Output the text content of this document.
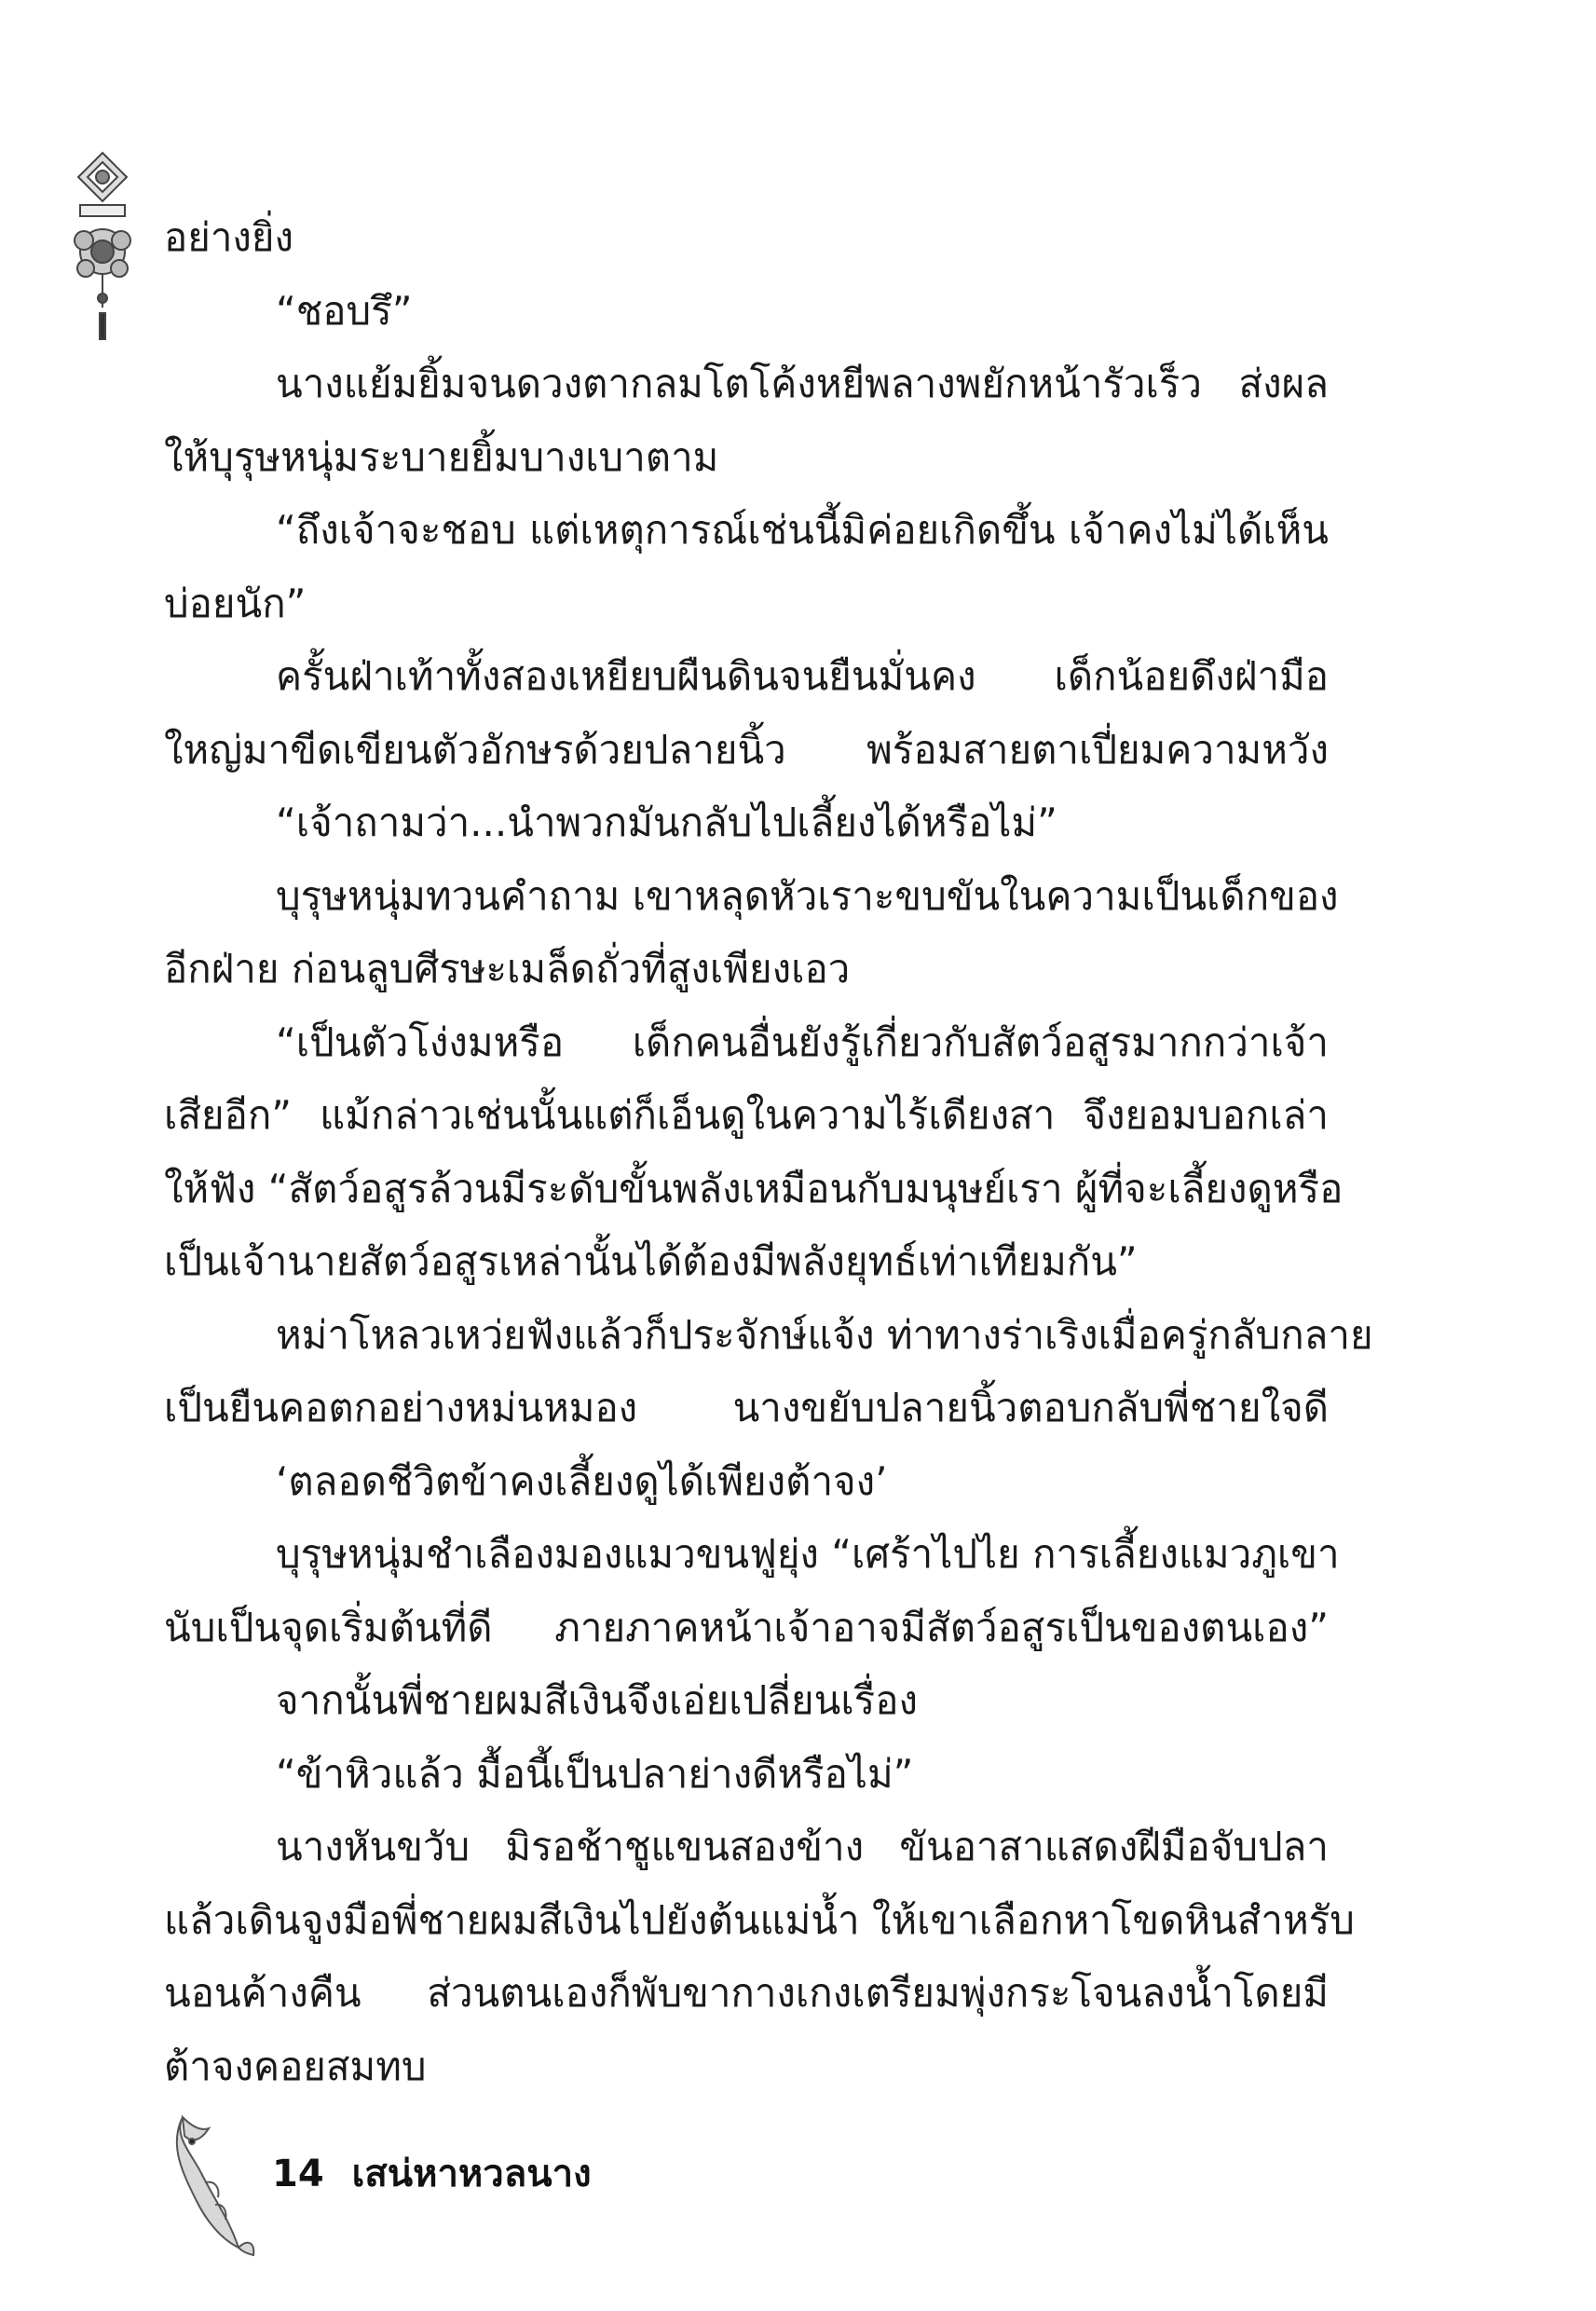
อย่างยิ่ง
“ชอบรึ”
นางแย้มยิ้มจนดวงตากลมโตโค้งหยีพลางพยักหน้ารัวเร็ว ส่งผล
ให้บุรุษหนุ่มระบายยิ้มบางเบาตาม
“ถึงเจ้าจะชอบ แต่เหตุการณ์เช่นนี้มิค่อยเกิดขึ้น เจ้าคงไม่ได้เห็น
บ่อยนัก”
ครั้นฝ่าเท้าทั้งสองเหยียบผืนดินจนยืนมั่นคง เด็กน้อยดึงฝ่ามือ
ใหญ่มาขีดเขียนตัวอักษรด้วยปลายนิ้ว พร้อมสายตาเปี่ยมความหวัง
“เจ้าถามว่า...นำพวกมันกลับไปเลี้ยงได้หรือไม่”
บุรุษหนุ่มทวนคำถาม เขาหลุดหัวเราะขบขันในความเป็นเด็กของ
อีกฝ่าย ก่อนลูบศีรษะเมล็ดถั่วที่สูงเพียงเอว
“เป็นตัวโง่งมหรือ เด็กคนอื่นยังรู้เกี่ยวกับสัตว์อสูรมากกว่าเจ้า
เสียอีก” แม้กล่าวเช่นนั้นแต่ก็เอ็นดูในความไร้เดียงสา จึงยอมบอกเล่า
ให้ฟัง “สัตว์อสูรล้วนมีระดับขั้นพลังเหมือนกับมนุษย์เรา ผู้ที่จะเลี้ยงดูหรือ
เป็นเจ้านายสัตว์อสูรเหล่านั้นได้ต้องมีพลังยุทธ์เท่าเทียมกัน”
หม่าโหลวเหว่ยฟังแล้วก็ประจักษ์แจ้ง ท่าทางร่าเริงเมื่อครู่กลับกลาย
เป็นยืนคอตกอย่างหม่นหมอง นางขยับปลายนิ้วตอบกลับพี่ชายใจดี
‘ตลอดชีวิตข้าคงเลี้ยงดูได้เพียงต้าจง’
บุรุษหนุ่มชำเลืองมองแมวขนฟูยุ่ง “เศร้าไปไย การเลี้ยงแมวภูเขา
นับเป็นจุดเริ่มต้นที่ดี ภายภาคหน้าเจ้าอาจมีสัตว์อสูรเป็นของตนเอง”
จากนั้นพี่ชายผมสีเงินจึงเอ่ยเปลี่ยนเรื่อง
“ข้าหิวแล้ว มื้อนี้เป็นปลาย่างดีหรือไม่”
นางหันขวับ มิรอช้าชูแขนสองข้าง ขันอาสาแสดงฝีมือจับปลา
แล้วเดินจูงมือพี่ชายผมสีเงินไปยังต้นแม่น้ำ ให้เขาเลือกหาโขดหินสำหรับ
นอนค้างคืน ส่วนตนเองก็พับขากางเกงเตรียมพุ่งกระโจนลงน้ำโดยมี
ต้าจงคอยสมทบ
14 เสน่หาหวลนาง
